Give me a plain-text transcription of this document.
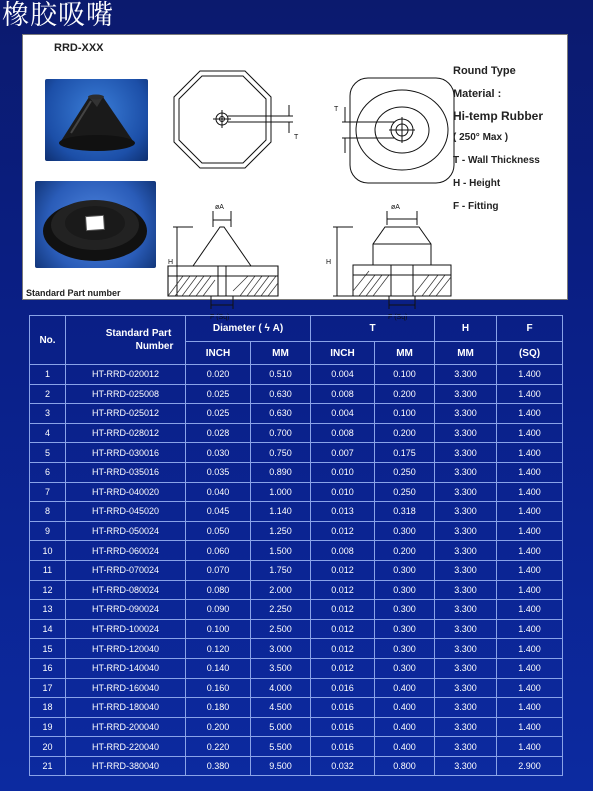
橡胶吸嘴
RRD-XXX
T
T
øA	øA
H	H
F (Sq)	F (Sq)
Round Type
Material :
Hi-temp Rubber
( 250° Max )
T - Wall Thickness
H - Height
F - Fitting
Standard Part number
No.	Standard Part
Number	Diameter ( ϟ A)		T		H	F
		INCH	MM	INCH	MM	MM	(SQ)
1	HT-RRD-020012	0.020	0.510	0.004	0.100	3.300	1.400
2	HT-RRD-025008	0.025	0.630	0.008	0.200	3.300	1.400
3	HT-RRD-025012	0.025	0.630	0.004	0.100	3.300	1.400
4	HT-RRD-028012	0.028	0.700	0.008	0.200	3.300	1.400
5	HT-RRD-030016	0.030	0.750	0.007	0.175	3.300	1.400
6	HT-RRD-035016	0.035	0.890	0.010	0.250	3.300	1.400
7	HT-RRD-040020	0.040	1.000	0.010	0.250	3.300	1.400
8	HT-RRD-045020	0.045	1.140	0.013	0.318	3.300	1.400
9	HT-RRD-050024	0.050	1.250	0.012	0.300	3.300	1.400
10	HT-RRD-060024	0.060	1.500	0.008	0.200	3.300	1.400
11	HT-RRD-070024	0.070	1.750	0.012	0.300	3.300	1.400
12	HT-RRD-080024	0.080	2.000	0.012	0.300	3.300	1.400
13	HT-RRD-090024	0.090	2.250	0.012	0.300	3.300	1.400
14	HT-RRD-100024	0.100	2.500	0.012	0.300	3.300	1.400
15	HT-RRD-120040	0.120	3.000	0.012	0.300	3.300	1.400
16	HT-RRD-140040	0.140	3.500	0.012	0.300	3.300	1.400
17	HT-RRD-160040	0.160	4.000	0.016	0.400	3.300	1.400
18	HT-RRD-180040	0.180	4.500	0.016	0.400	3.300	1.400
19	HT-RRD-200040	0.200	5.000	0.016	0.400	3.300	1.400
20	HT-RRD-220040	0.220	5.500	0.016	0.400	3.300	1.400
21	HT-RRD-380040	0.380	9.500	0.032	0.800	3.300	2.900
